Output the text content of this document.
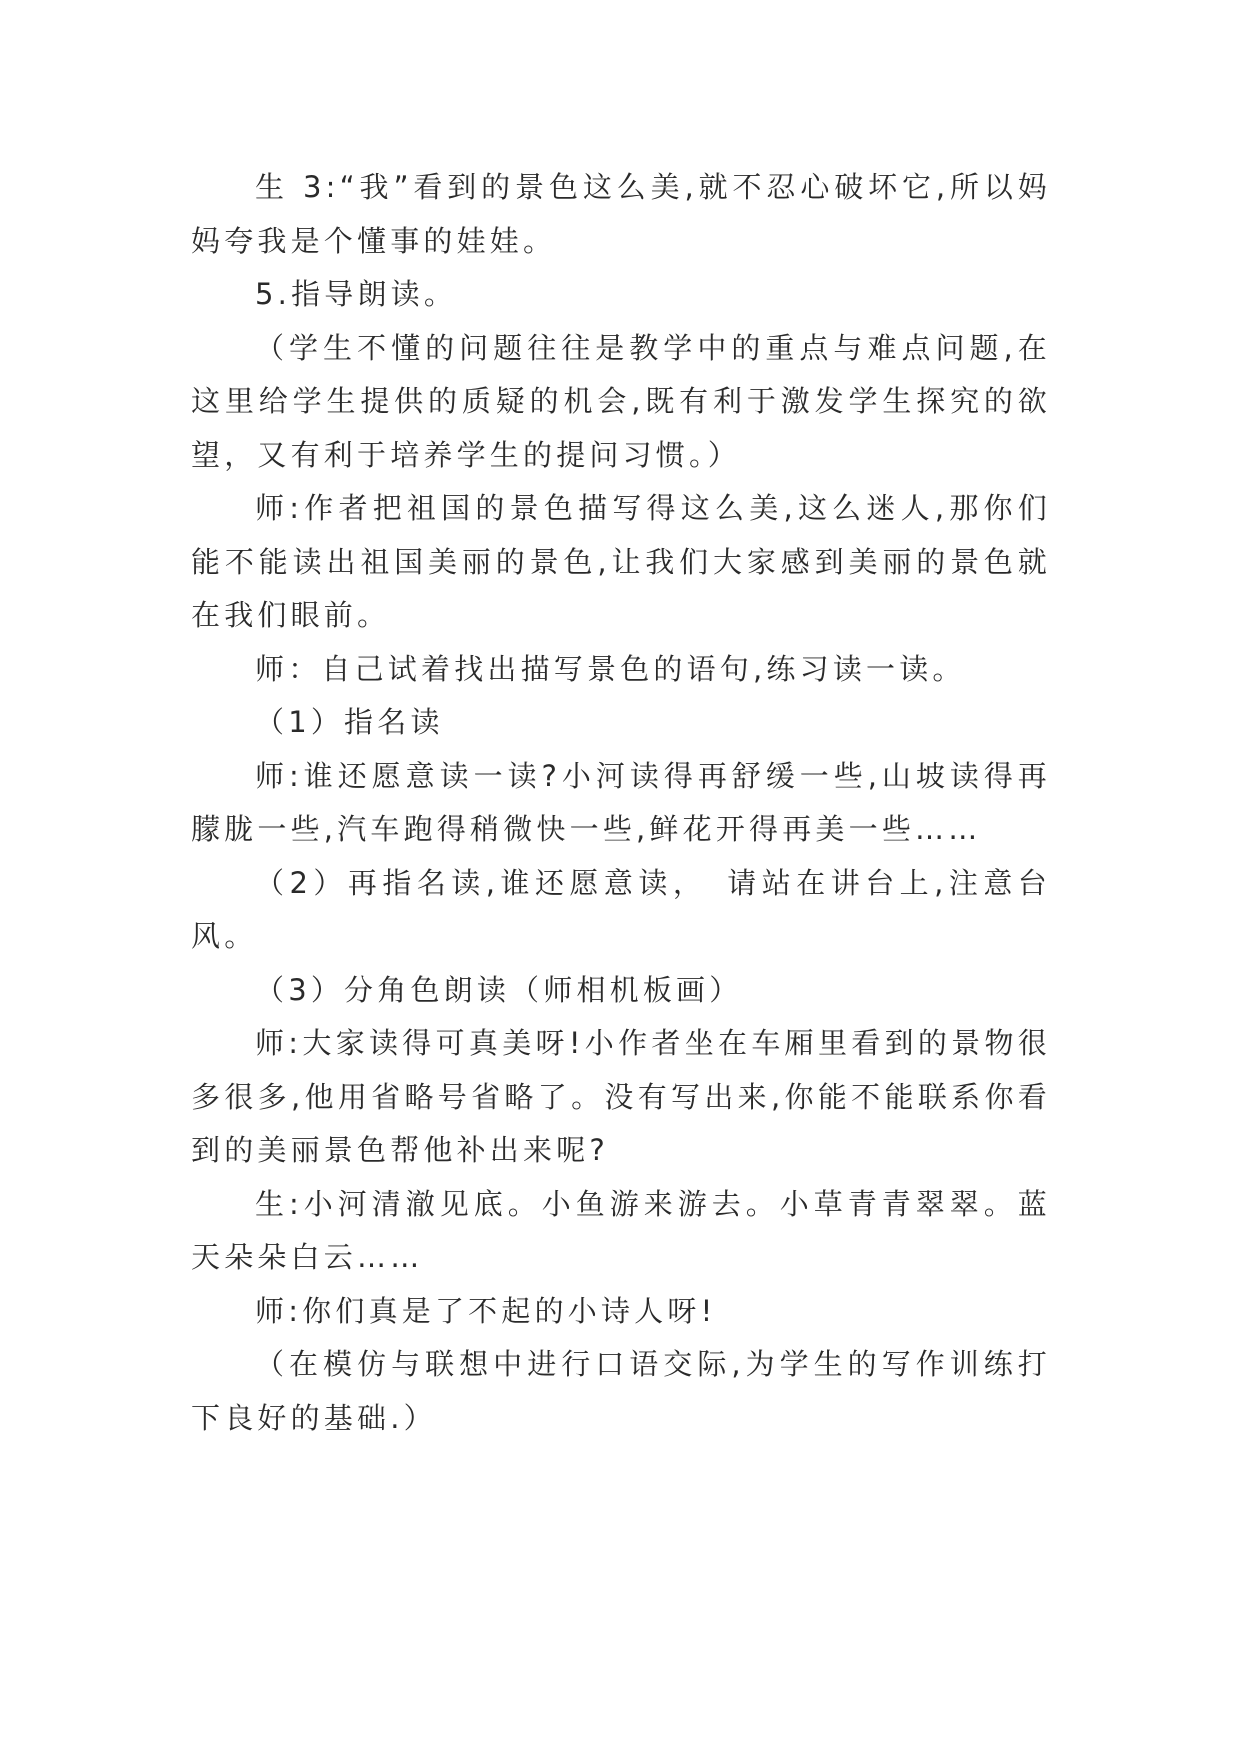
生 3:“我”看到的景色这么美,就不忍心破坏它,所以妈妈夸我是个懂事的娃娃。

5.指导朗读。

（学生不懂的问题往往是教学中的重点与难点问题,在这里给学生提供的质疑的机会,既有利于激发学生探究的欲望，又有利于培养学生的提问习惯。）

师:作者把祖国的景色描写得这么美,这么迷人,那你们能不能读出祖国美丽的景色,让我们大家感到美丽的景色就在我们眼前。

师：自己试着找出描写景色的语句,练习读一读。

（1）指名读

师:谁还愿意读一读?小河读得再舒缓一些,山坡读得再朦胧一些,汽车跑得稍微快一些,鲜花开得再美一些……

（2）再指名读,谁还愿意读，　请站在讲台上,注意台风。

（3）分角色朗读（师相机板画）

师:大家读得可真美呀!小作者坐在车厢里看到的景物很多很多,他用省略号省略了。没有写出来,你能不能联系你看到的美丽景色帮他补出来呢?

生:小河清澈见底。小鱼游来游去。小草青青翠翠。蓝天朵朵白云……

师:你们真是了不起的小诗人呀!

（在模仿与联想中进行口语交际,为学生的写作训练打下良好的基础.）
